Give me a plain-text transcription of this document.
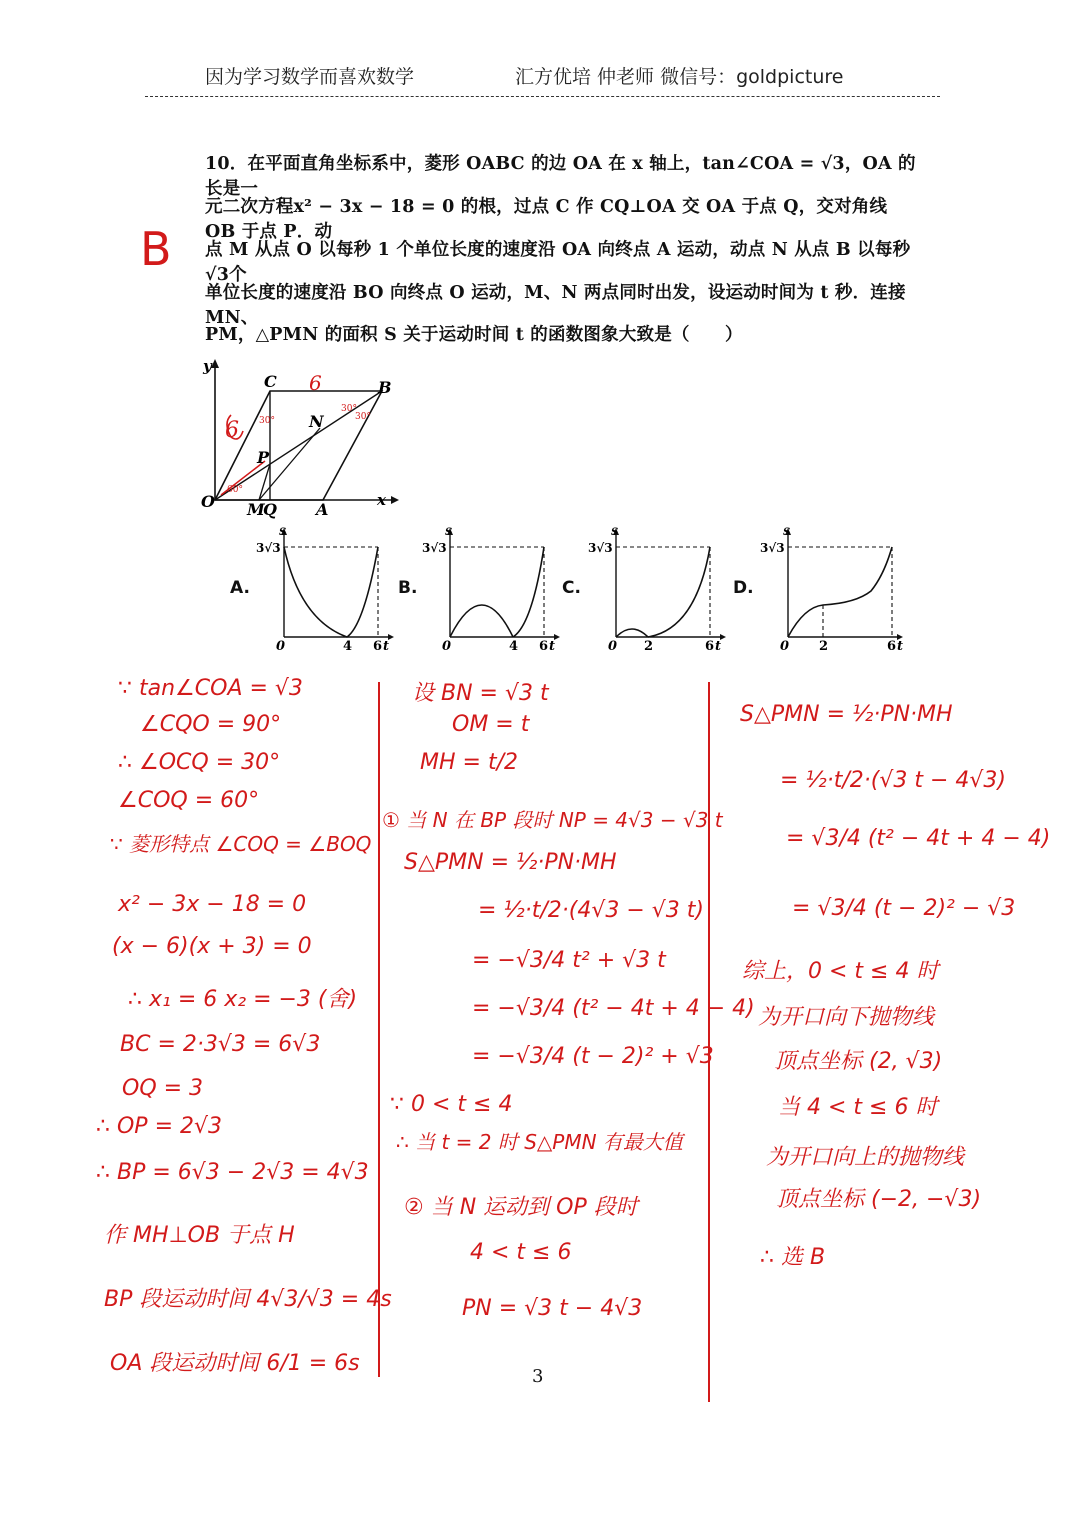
因为学习数学而喜欢数学	汇方优培 仲老师 微信号：goldpicture
10．在平面直角坐标系中，菱形 OABC 的边 OA 在 x 轴上，tan∠COA = √3，OA 的长是一
元二次方程x² − 3x − 18 = 0 的根，过点 C 作 CQ⊥OA 交 OA 于点 Q，交对角线 OB 于点 P．动
点 M 从点 O 以每秒 1 个单位长度的速度沿 OA 向终点 A 运动，动点 N 从点 B 以每秒√3个
单位长度的速度沿 BO 向终点 O 运动，M、N 两点同时出发，设运动时间为 t 秒．连接 MN、
PM，△PMN 的面积 S 关于运动时间 t 的函数图象大致是（　　）
B
y
x
O	A
B
C
N
P
M
Q
6
6
30°
30°
30°
60°
A.
3√3
S
0	4 6 t
B.
3√3
S
0	4 6 t
C.
3√3
S
0 2	6 t
D.
3√3
S
0 2	6 t
∵ tan∠COA = √3
∠CQO = 90°
∴ ∠OCQ = 30°
∠COQ = 60°
∵ 菱形特点 ∠COQ = ∠BOQ
x² − 3x − 18 = 0
(x − 6)(x + 3) = 0
∴ x₁ = 6 x₂ = −3 (舍)
BC = 2·3√3 = 6√3
OQ = 3
∴ OP = 2√3
∴ BP = 6√3 − 2√3 = 4√3
作 MH⊥OB 于点 H
BP 段运动时间 4√3/√3 = 4s
OA 段运动时间 6/1 = 6s
设 BN = √3 t
OM = t
MH = t/2
① 当 N 在 BP 段时 NP = 4√3 − √3 t
S△PMN = ½·PN·MH
= ½·t/2·(4√3 − √3 t)
= −√3/4 t² + √3 t
= −√3/4 (t² − 4t + 4 − 4)
= −√3/4 (t − 2)² + √3
∵ 0 < t ≤ 4
∴ 当 t = 2 时 S△PMN 有最大值
② 当 N 运动到 OP 段时
4 < t ≤ 6
PN = √3 t − 4√3
S△PMN = ½·PN·MH
= ½·t/2·(√3 t − 4√3)
= √3/4 (t² − 4t + 4 − 4)
= √3/4 (t − 2)² − √3
综上，0 < t ≤ 4 时
为开口向下抛物线
顶点坐标 (2, √3)
当 4 < t ≤ 6 时
为开口向上的抛物线
顶点坐标 (−2, −√3)
∴ 选 B
3
